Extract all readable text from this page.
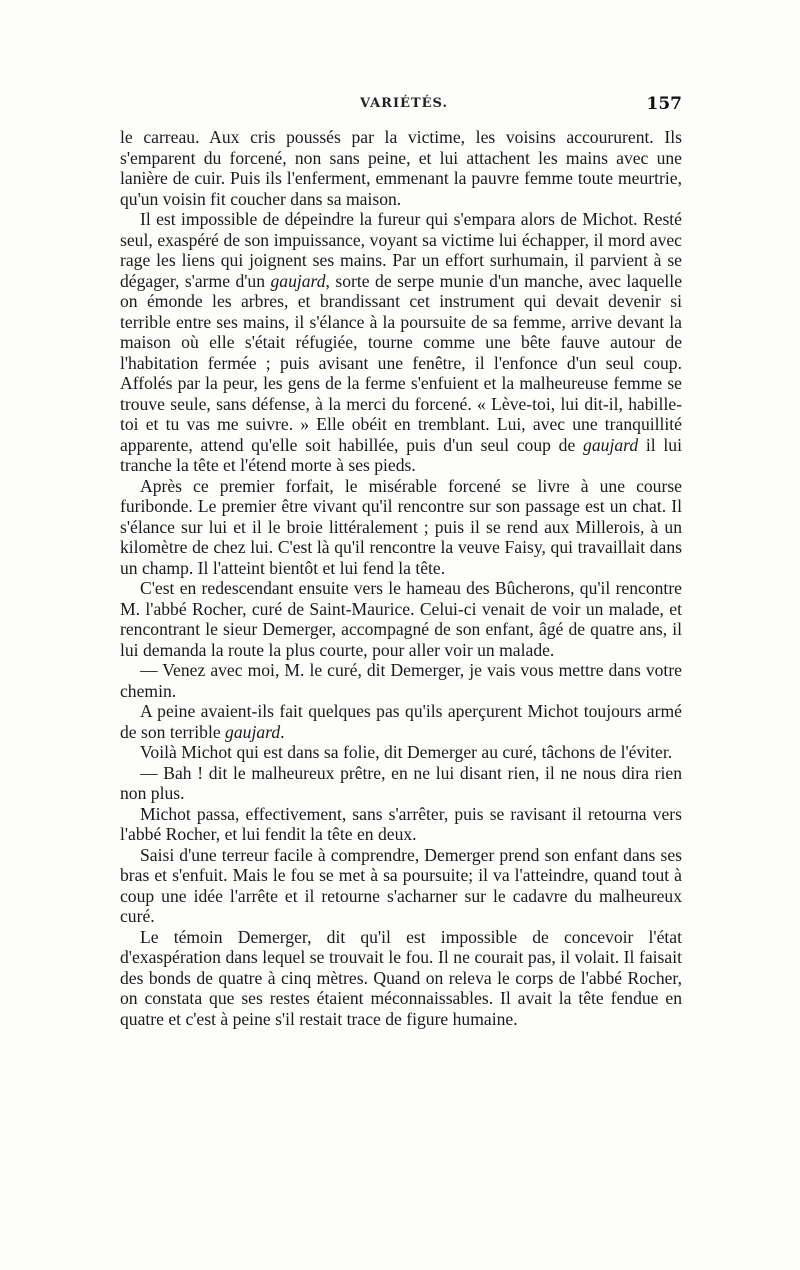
VARIÉTÉS.	157

le carreau. Aux cris poussés par la victime, les voisins accoururent. Ils s'emparent du forcené, non sans peine, et lui attachent les mains avec une lanière de cuir. Puis ils l'enferment, emmenant la pauvre femme toute meurtrie, qu'un voisin fit coucher dans sa maison.

Il est impossible de dépeindre la fureur qui s'empara alors de Michot. Resté seul, exaspéré de son impuissance, voyant sa victime lui échapper, il mord avec rage les liens qui joignent ses mains. Par un effort surhumain, il parvient à se dégager, s'arme d'un gaujard, sorte de serpe munie d'un manche, avec laquelle on émonde les arbres, et brandissant cet instrument qui devait devenir si terrible entre ses mains, il s'élance à la poursuite de sa femme, arrive devant la maison où elle s'était réfugiée, tourne comme une bête fauve autour de l'habitation fermée ; puis avisant une fenêtre, il l'enfonce d'un seul coup. Affolés par la peur, les gens de la ferme s'enfuient et la malheureuse femme se trouve seule, sans défense, à la merci du forcené. « Lève-toi, lui dit-il, habille-toi et tu vas me suivre. » Elle obéit en tremblant. Lui, avec une tranquillité apparente, attend qu'elle soit habillée, puis d'un seul coup de gaujard il lui tranche la tête et l'étend morte à ses pieds.

Après ce premier forfait, le misérable forcené se livre à une course furibonde. Le premier être vivant qu'il rencontre sur son passage est un chat. Il s'élance sur lui et il le broie littéralement ; puis il se rend aux Millerois, à un kilomètre de chez lui. C'est là qu'il rencontre la veuve Faisy, qui travaillait dans un champ. Il l'atteint bientôt et lui fend la tête.

C'est en redescendant ensuite vers le hameau des Bûcherons, qu'il rencontre M. l'abbé Rocher, curé de Saint-Maurice. Celui-ci venait de voir un malade, et rencontrant le sieur Demerger, accompagné de son enfant, âgé de quatre ans, il lui demanda la route la plus courte, pour aller voir un malade.

— Venez avec moi, M. le curé, dit Demerger, je vais vous mettre dans votre chemin.

A peine avaient-ils fait quelques pas qu'ils aperçurent Michot toujours armé de son terrible gaujard.

Voilà Michot qui est dans sa folie, dit Demerger au curé, tâchons de l'éviter.

— Bah ! dit le malheureux prêtre, en ne lui disant rien, il ne nous dira rien non plus.

Michot passa, effectivement, sans s'arrêter, puis se ravisant il retourna vers l'abbé Rocher, et lui fendit la tête en deux.

Saisi d'une terreur facile à comprendre, Demerger prend son enfant dans ses bras et s'enfuit. Mais le fou se met à sa poursuite; il va l'atteindre, quand tout à coup une idée l'arrête et il retourne s'acharner sur le cadavre du malheureux curé.

Le témoin Demerger, dit qu'il est impossible de concevoir l'état d'exaspération dans lequel se trouvait le fou. Il ne courait pas, il volait. Il faisait des bonds de quatre à cinq mètres. Quand on releva le corps de l'abbé Rocher, on constata que ses restes étaient méconnaissables. Il avait la tête fendue en quatre et c'est à peine s'il restait trace de figure humaine.
